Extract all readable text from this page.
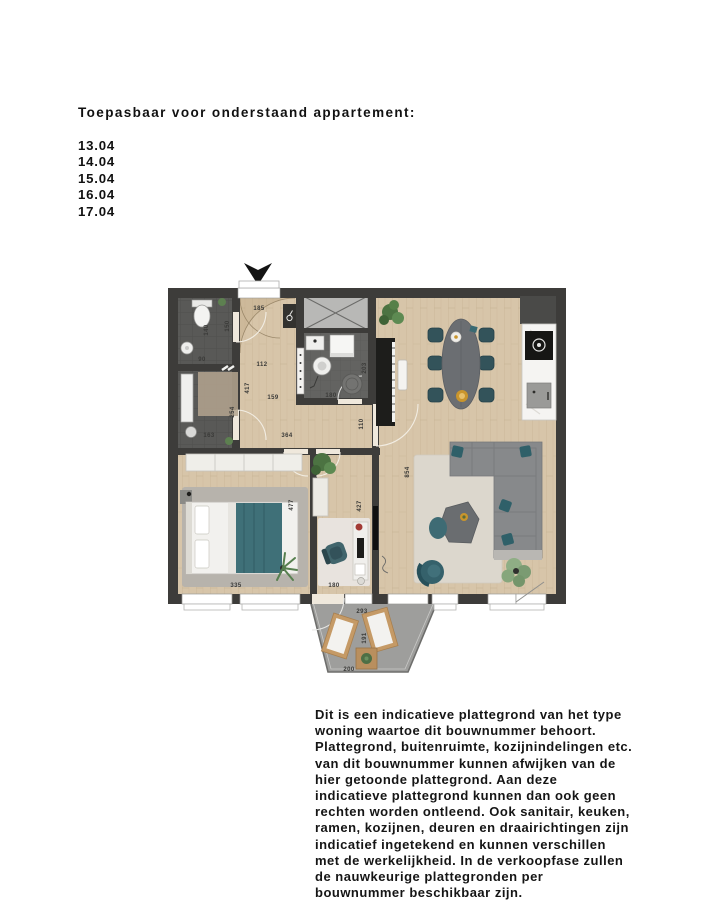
Toepasbaar voor onderstaand appartement:
13.04
14.04
15.04
16.04
17.04
185
150
140
90
112
417
159
254
163	364
110
180
203
854
335
477	427
180
293
191
200
Dit is een indicatieve plattegrond van het type
woning waartoe dit bouwnummer behoort.
Plattegrond, buitenruimte, kozijnindelingen etc.
van dit bouwnummer kunnen afwijken van de
hier getoonde plattegrond. Aan deze
indicatieve plattegrond kunnen dan ook geen
rechten worden ontleend. Ook sanitair, keuken,
ramen, kozijnen, deuren en draairichtingen zijn
indicatief ingetekend en kunnen verschillen
met de werkelijkheid. In de verkoopfase zullen
de nauwkeurige plattegronden per
bouwnummer beschikbaar zijn.
